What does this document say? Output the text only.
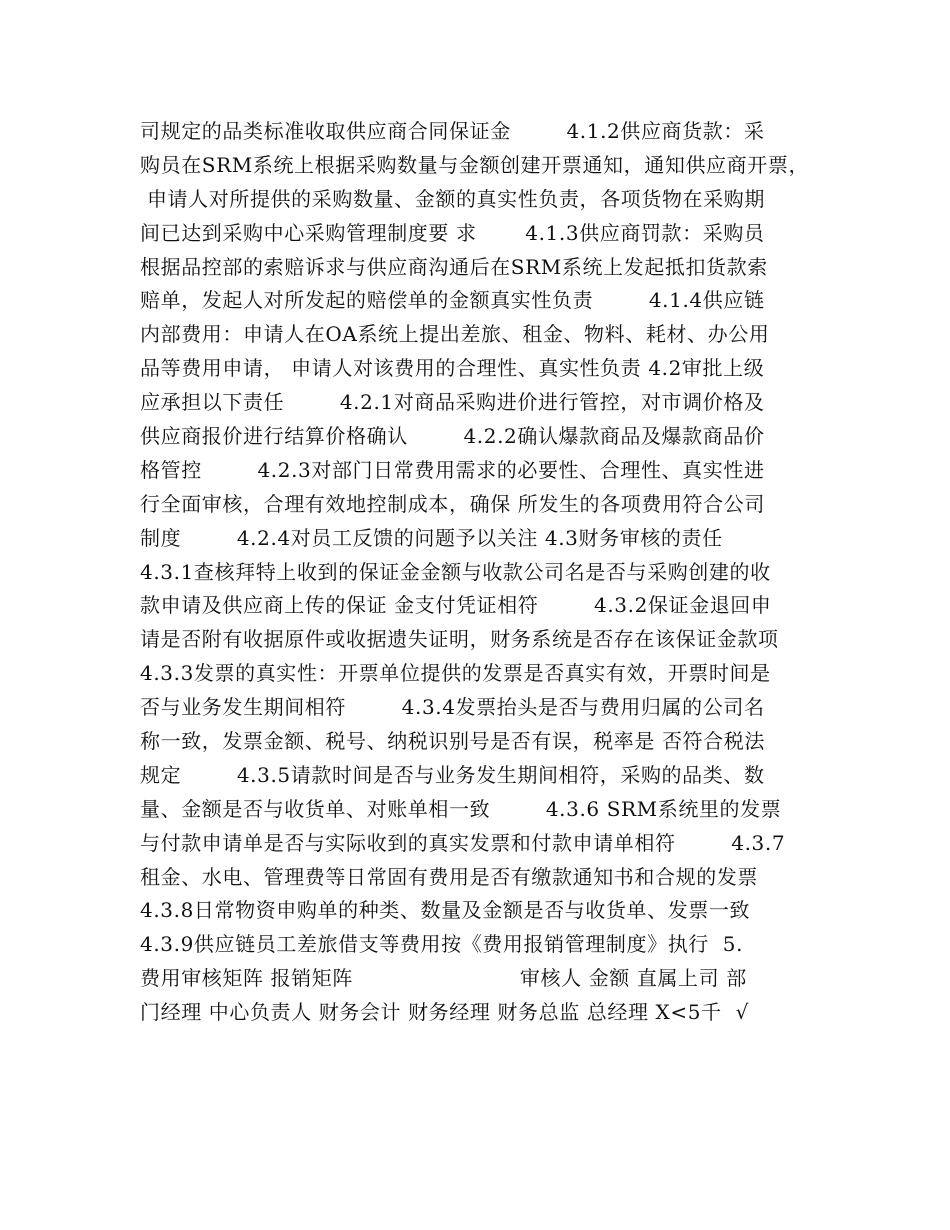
司规定的品类标准收取供应商合同保证金        4.1.2供应商货款：采
购员在SRM系统上根据采购数量与金额创建开票通知，通知供应商开票，
申请人对所提供的采购数量、金额的真实性负责，各项货物在采购期
间已达到采购中心采购管理制度要 求       4.1.3供应商罚款：采购员
根据品控部的索赔诉求与供应商沟通后在SRM系统上发起抵扣货款索
赔单，发起人对所发起的赔偿单的金额真实性负责        4.1.4供应链
内部费用：申请人在OA系统上提出差旅、租金、物料、耗材、办公用
品等费用申请， 申请人对该费用的合理性、真实性负责 4.2审批上级
应承担以下责任        4.2.1对商品采购进价进行管控，对市调价格及
供应商报价进行结算价格确认        4.2.2确认爆款商品及爆款商品价
格管控        4.2.3对部门日常费用需求的必要性、合理性、真实性进
行全面审核，合理有效地控制成本，确保 所发生的各项费用符合公司
制度        4.2.4对员工反馈的问题予以关注 4.3财务审核的责任
4.3.1查核拜特上收到的保证金金额与收款公司名是否与采购创建的收
款申请及供应商上传的保证 金支付凭证相符        4.3.2保证金退回申
请是否附有收据原件或收据遗失证明，财务系统是否存在该保证金款项
4.3.3发票的真实性：开票单位提供的发票是否真实有效，开票时间是
否与业务发生期间相符        4.3.4发票抬头是否与费用归属的公司名
称一致，发票金额、税号、纳税识别号是否有误，税率是 否符合税法
规定        4.3.5请款时间是否与业务发生期间相符，采购的品类、数
量、金额是否与收货单、对账单相一致        4.3.6 SRM系统里的发票
与付款申请单是否与实际收到的真实发票和付款申请单相符        4.3.7
租金、水电、管理费等日常固有费用是否有缴款通知书和合规的发票
4.3.8日常物资申购单的种类、数量及金额是否与收货单、发票一致
4.3.9供应链员工差旅借支等费用按《费用报销管理制度》执行  5.
费用审核矩阵 报销矩阵                        审核人 金额 直属上司 部
门经理 中心负责人 财务会计 财务经理 财务总监 总经理 X<5千  √
